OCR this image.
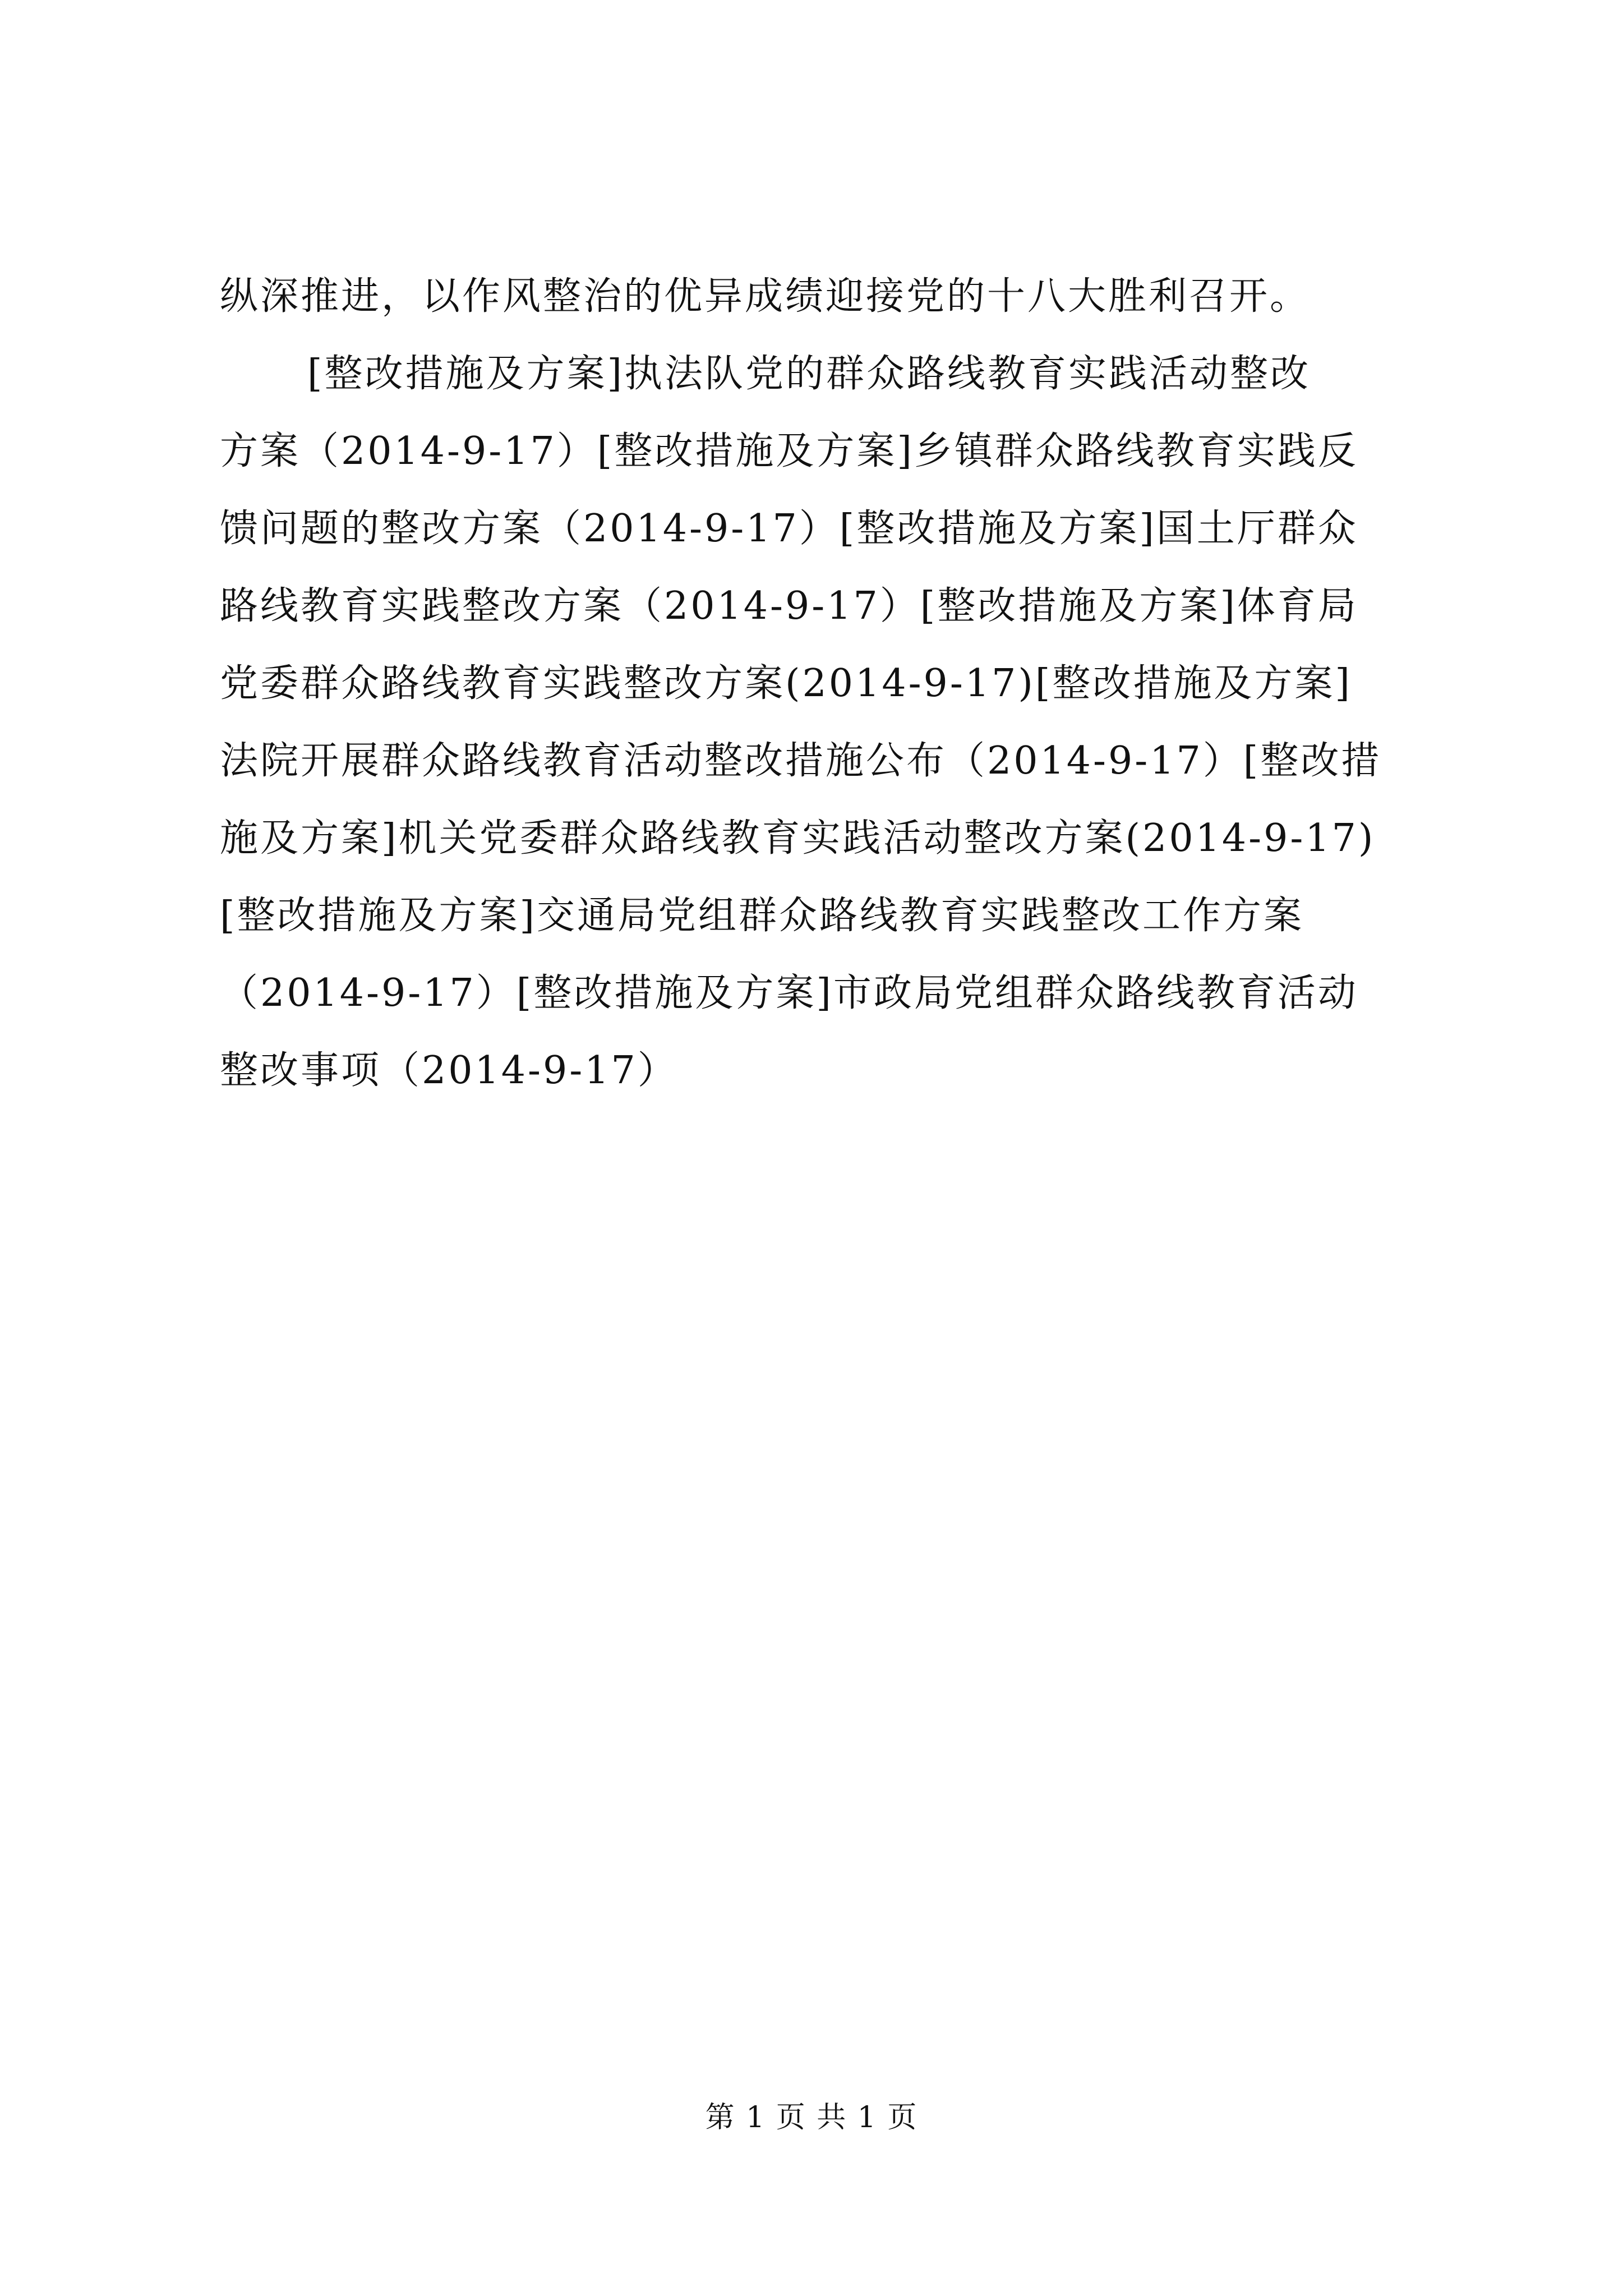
纵深推进，以作风整治的优异成绩迎接党的十八大胜利召开。

[整改措施及方案]执法队党的群众路线教育实践活动整改

方案（2014-9-17）[整改措施及方案]乡镇群众路线教育实践反

馈问题的整改方案（2014-9-17）[整改措施及方案]国土厅群众

路线教育实践整改方案（2014-9-17）[整改措施及方案]体育局

党委群众路线教育实践整改方案(2014-9-17)[整改措施及方案]

法院开展群众路线教育活动整改措施公布（2014-9-17）[整改措

施及方案]机关党委群众路线教育实践活动整改方案(2014-9-17)

[整改措施及方案]交通局党组群众路线教育实践整改工作方案

（2014-9-17）[整改措施及方案]市政局党组群众路线教育活动

整改事项（2014-9-17）

第 1 页 共 1 页
